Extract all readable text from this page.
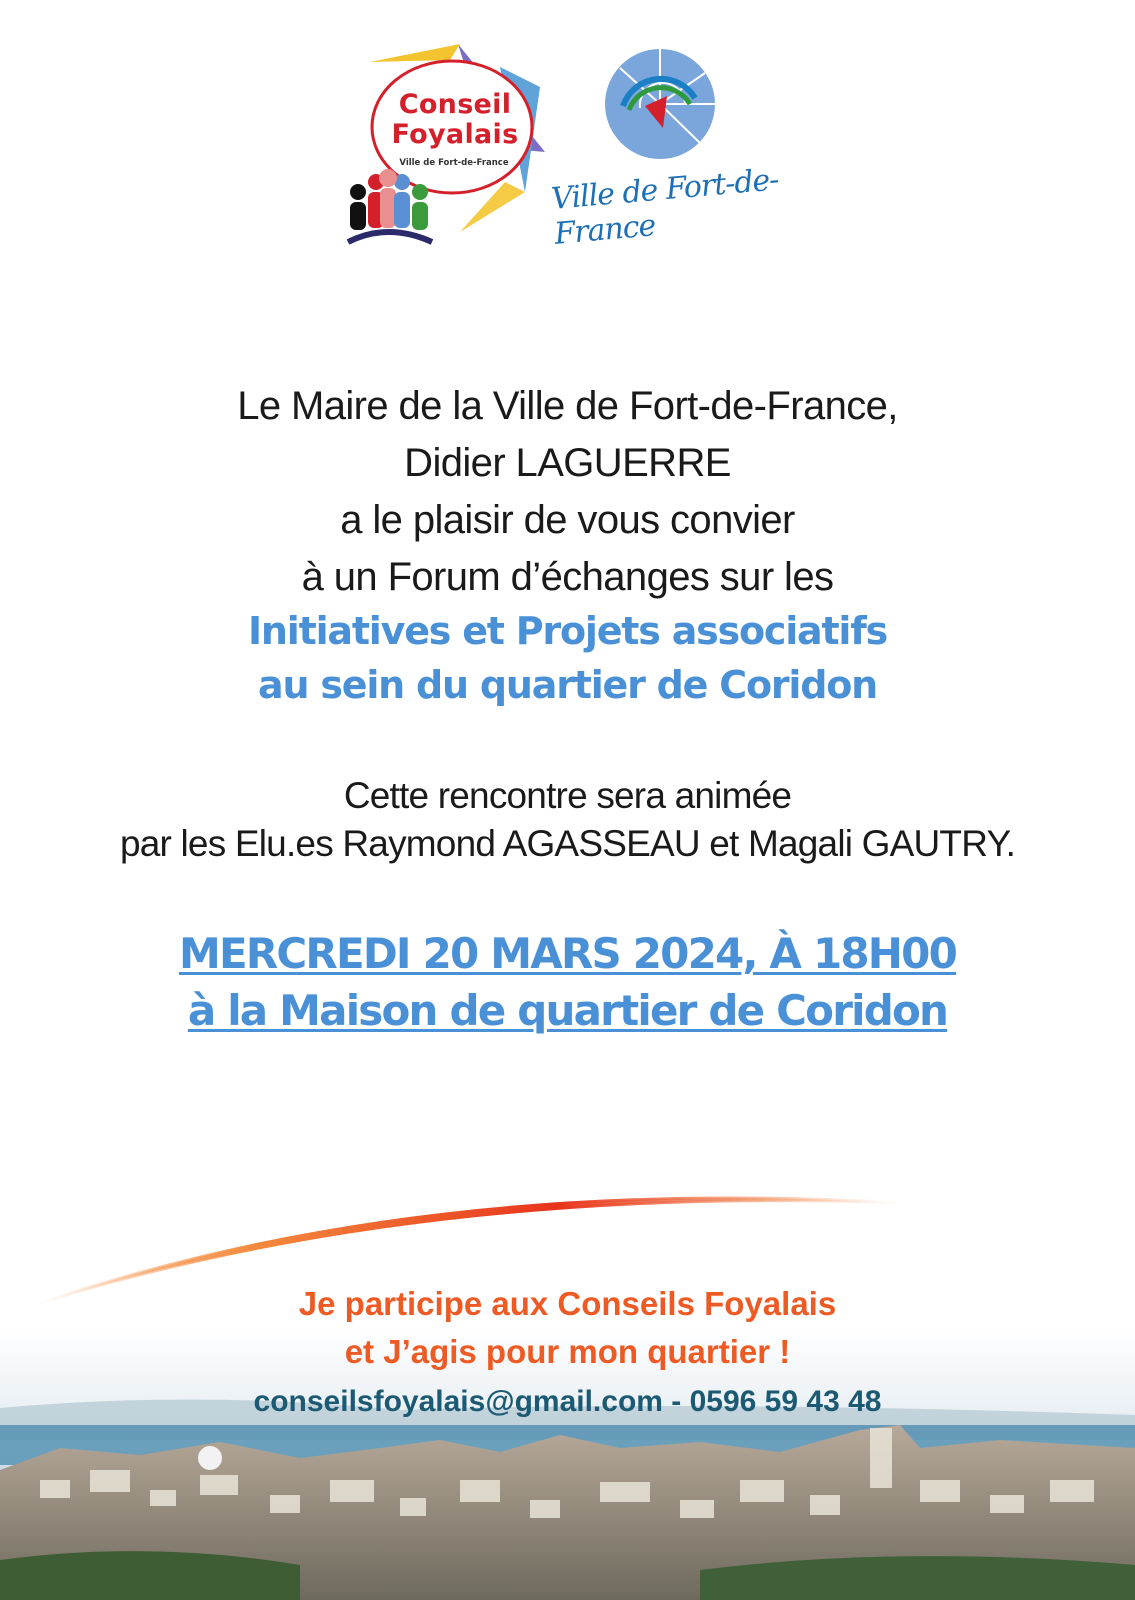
Conseil
Foyalais
Ville de Fort-de-France	Ville de Fort-de-France
Le Maire de la Ville de Fort-de-France,
Didier LAGUERRE
a le plaisir de vous convier
à un Forum d’échanges sur les
Initiatives et Projets associatifs
au sein du quartier de Coridon
Cette rencontre sera animée
par les Elu.es Raymond AGASSEAU et Magali GAUTRY.
MERCREDI 20 MARS 2024, À 18H00
à la Maison de quartier de Coridon
Je participe aux Conseils Foyalais
et J’agis pour mon quartier !
conseilsfoyalais@gmail.com - 0596 59 43 48
